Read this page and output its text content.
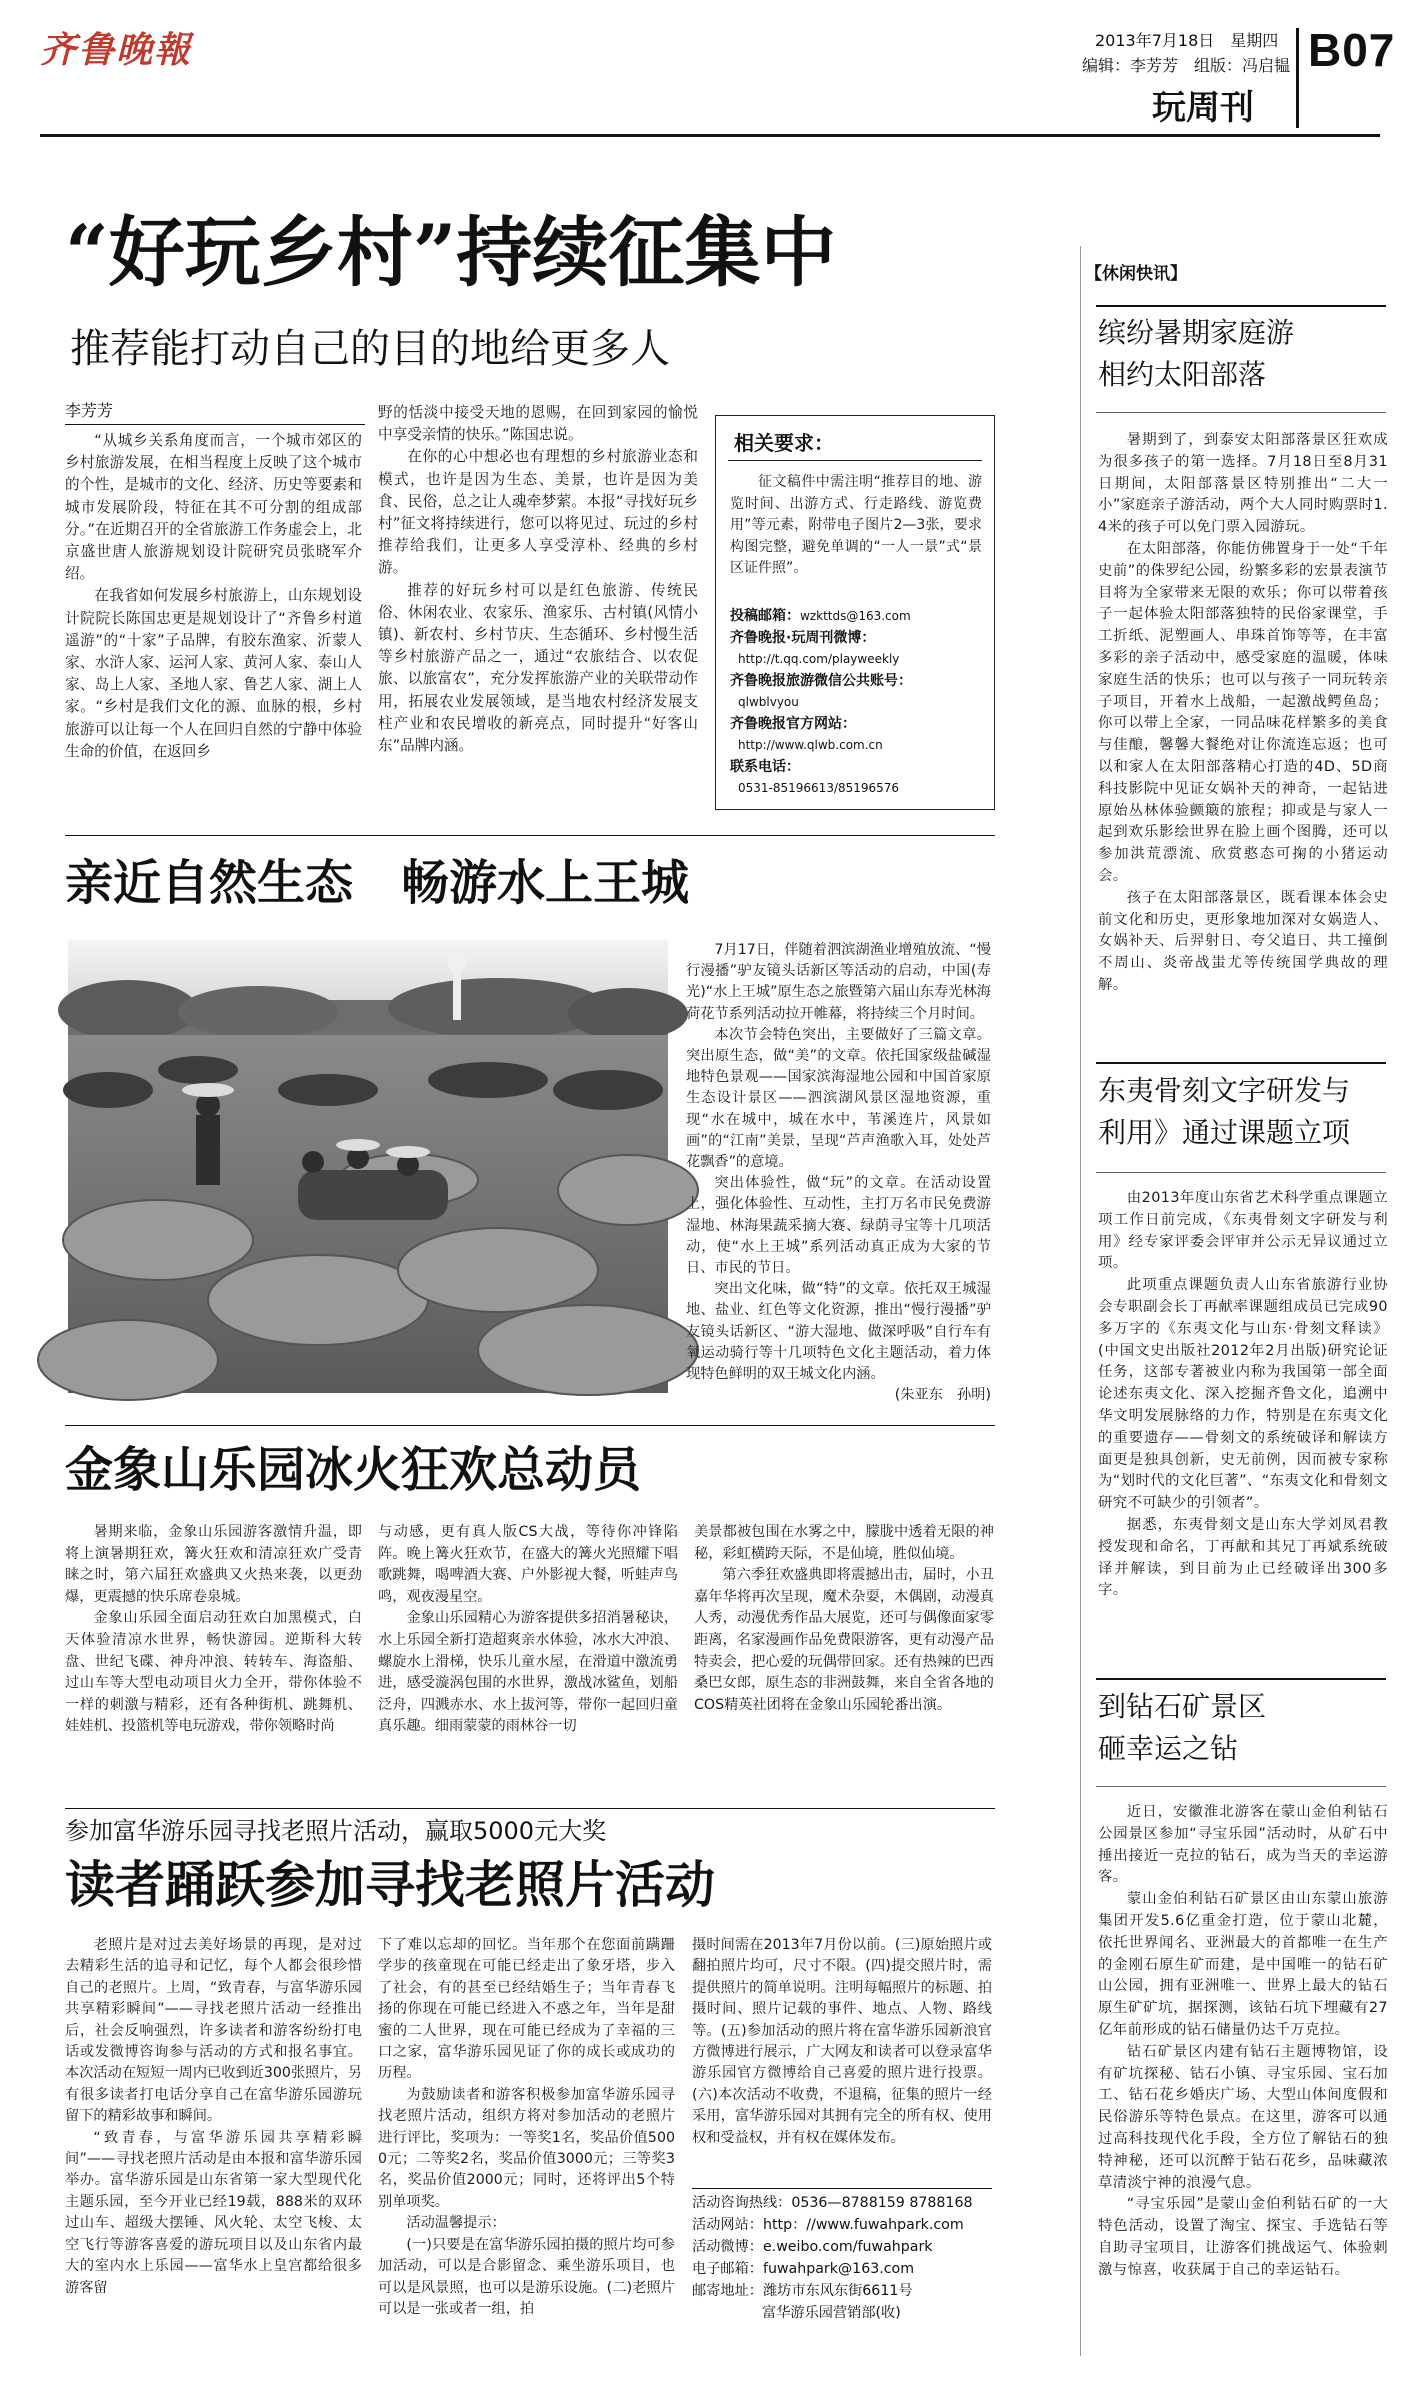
齐鲁晚報	2013年7月18日　星期四
编辑：李芳芳　组版：冯启韫 B07
玩周刊
“好玩乡村”持续征集中
推荐能打动自己的目的地给更多人
李芳芳

“从城乡关系角度而言，一个城市郊区的乡村旅游发展，在相当程度上反映了这个城市的个性，是城市的文化、经济、历史等要素和城市发展阶段，特征在其不可分割的组成部分。”在近期召开的全省旅游工作务虚会上，北京盛世唐人旅游规划设计院研究员张晓军介绍。

在我省如何发展乡村旅游上，山东规划设计院院长陈国忠更是规划设计了“齐鲁乡村道遥游”的“十家”子品牌，有胶东渔家、沂蒙人家、水浒人家、运河人家、黄河人家、泰山人家、岛上人家、圣地人家、鲁艺人家、湖上人家。“乡村是我们文化的源、血脉的根，乡村旅游可以让每一个人在回归自然的宁静中体验生命的价值，在返回乡

野的恬淡中接受天地的恩赐，在回到家园的愉悦中享受亲情的快乐。”陈国忠说。

在你的心中想必也有理想的乡村旅游业态和模式，也许是因为生态、美景，也许是因为美食、民俗，总之让人魂牵梦萦。本报“寻找好玩乡村”征文将持续进行，您可以将见过、玩过的乡村推荐给我们，让更多人享受淳朴、经典的乡村游。

推荐的好玩乡村可以是红色旅游、传统民俗、休闲农业、农家乐、渔家乐、古村镇(风情小镇)、新农村、乡村节庆、生态循环、乡村慢生活等乡村旅游产品之一，通过“农旅结合、以农促旅、以旅富农”，充分发挥旅游产业的关联带动作用，拓展农业发展领域，是当地农村经济发展支柱产业和农民增收的新亮点，同时提升“好客山东”品牌内涵。

相关要求：

征文稿件中需注明“推荐目的地、游览时间、出游方式、行走路线、游览费用”等元素，附带电子图片2—3张，要求构图完整，避免单调的“一人一景”式“景区证件照”。

投稿邮箱：wzkttds@163.com
齐鲁晚报·玩周刊微博：
http://t.qq.com/playweekly
齐鲁晚报旅游微信公共账号：
qlwblvyou
齐鲁晚报官方网站：
http://www.qlwb.com.cn
联系电话：
0531-85196613/85196576
亲近自然生态　畅游水上王城

7月17日，伴随着泗滨湖渔业增殖放流、“慢行漫播”驴友镜头话新区等活动的启动，中国(寿光)“水上王城”原生态之旅暨第六届山东寿光林海荷花节系列活动拉开帷幕，将持续三个月时间。

本次节会特色突出，主要做好了三篇文章。突出原生态，做“美”的文章。依托国家级盐碱湿地特色景观——国家滨海湿地公园和中国首家原生态设计景区——泗滨湖风景区湿地资源，重现“水在城中，城在水中，苇溪连片，风景如画”的“江南”美景，呈现“芦声渔歌入耳，处处芦花飘香”的意境。

突出体验性，做“玩”的文章。在活动设置上，强化体验性、互动性，主打万名市民免费游湿地、林海果蔬采摘大赛、绿荫寻宝等十几项活动，使“水上王城”系列活动真正成为大家的节日、市民的节日。

突出文化味，做“特”的文章。依托双王城湿地、盐业、红色等文化资源，推出“慢行漫播”驴友镜头话新区、“游大湿地、做深呼吸”自行车有氧运动骑行等十几项特色文化主题活动，着力体现特色鲜明的双王城文化内涵。

(朱亚东　孙明)
金象山乐园冰火狂欢总动员

暑期来临，金象山乐园游客激情升温，即将上演暑期狂欢，篝火狂欢和清凉狂欢广受青睐之时，第六届狂欢盛典又火热来袭，以更劲爆，更震撼的快乐席卷泉城。

金象山乐园全面启动狂欢白加黑模式，白天体验清凉水世界，畅快游园。逆斯科大转盘、世纪飞碟、神舟冲浪、转转车、海盗船、过山车等大型电动项目火力全开，带你体验不一样的刺激与精彩，还有各种街机、跳舞机、娃娃机、投篮机等电玩游戏，带你领略时尚

与动感，更有真人版CS大战，等待你冲锋陷阵。晚上篝火狂欢节，在盛大的篝火光照耀下唱歌跳舞，喝啤酒大赛、户外影视大餐，听蛙声鸟鸣，观夜漫星空。

金象山乐园精心为游客提供多招消暑秘诀，水上乐园全新打造超爽亲水体验，冰水大冲浪、螺旋水上滑梯，快乐儿童水屋，在滑道中激流勇进，感受漩涡包围的水世界，激战冰鲨鱼，划船泛舟，四溅赤水、水上拔河等，带你一起回归童真乐趣。细雨蒙蒙的雨林谷一切

美景都被包围在水雾之中，朦胧中透着无限的神秘，彩虹横跨天际，不是仙境，胜似仙境。

第六季狂欢盛典即将震撼出击，届时，小丑嘉年华将再次呈现，魔术杂耍，木偶剧，动漫真人秀，动漫优秀作品大展览，还可与偶像面家零距离，名家漫画作品免费限游客，更有动漫产品特卖会，把心爱的玩偶带回家。还有热辣的巴西桑巴女郎，原生态的非洲鼓舞，来自全省各地的COS精英社团将在金象山乐园轮番出演。

参加富华游乐园寻找老照片活动，赢取5000元大奖
读者踊跃参加寻找老照片活动

老照片是对过去美好场景的再现，是对过去精彩生活的追寻和记忆，每个人都会很珍惜自己的老照片。上周，“致青春，与富华游乐园共享精彩瞬间”——寻找老照片活动一经推出后，社会反响强烈，许多读者和游客纷纷打电话或发微博咨询参与活动的方式和报名事宜。本次活动在短短一周内已收到近300张照片，另有很多读者打电话分享自己在富华游乐园游玩留下的精彩故事和瞬间。

“致青春，与富华游乐园共享精彩瞬间”——寻找老照片活动是由本报和富华游乐园举办。富华游乐园是山东省第一家大型现代化主题乐园，至今开业已经19载，888米的双环过山车、超级大摆锤、风火轮、太空飞梭、太空飞行等游客喜爱的游玩项目以及山东省内最大的室内水上乐园——富华水上皇宫都给很多游客留

下了难以忘却的回忆。当年那个在您面前蹒跚学步的孩童现在可能已经走出了象牙塔，步入了社会，有的甚至已经结婚生子；当年青春飞扬的你现在可能已经进入不惑之年，当年是甜蜜的二人世界，现在可能已经成为了幸福的三口之家，富华游乐园见证了你的成长或成功的历程。

为鼓励读者和游客积极参加富华游乐园寻找老照片活动，组织方将对参加活动的老照片进行评比，奖项为：一等奖1名，奖品价值5000元；二等奖2名，奖品价值3000元；三等奖3名，奖品价值2000元；同时，还将评出5个特别单项奖。

活动温馨提示：

(一)只要是在富华游乐园拍摄的照片均可参加活动，可以是合影留念、乘坐游乐项目，也可以是风景照，也可以是游乐设施。(二)老照片可以是一张或者一组，拍

摄时间需在2013年7月份以前。(三)原始照片或翻拍照片均可，尺寸不限。(四)提交照片时，需提供照片的简单说明。注明每幅照片的标题、拍摄时间、照片记载的事件、地点、人物、路线等。(五)参加活动的照片将在富华游乐园新浪官方微博进行展示，广大网友和读者可以登录富华游乐园官方微博给自己喜爱的照片进行投票。(六)本次活动不收费，不退稿，征集的照片一经采用，富华游乐园对其拥有完全的所有权、使用权和受益权，并有权在媒体发布。

活动咨询热线：0536—8788159 8788168
活动网站：http：//www.fuwahpark.com
活动微博：e.weibo.com/fuwahpark
电子邮箱：fuwahpark@163.com
邮寄地址：潍坊市东风东街6611号
富华游乐园营销部(收)
【休闲快讯】
缤纷暑期家庭游
相约太阳部落

暑期到了，到泰安太阳部落景区狂欢成为很多孩子的第一选择。7月18日至8月31日期间，太阳部落景区特别推出“二大一小”家庭亲子游活动，两个大人同时购票时1.4米的孩子可以免门票入园游玩。

在太阳部落，你能仿佛置身于一处“千年史前”的侏罗纪公园，纷繁多彩的宏景表演节目将为全家带来无限的欢乐；你可以带着孩子一起体验太阳部落独特的民俗家课堂，手工折纸、泥塑画人、串珠首饰等等，在丰富多彩的亲子活动中，感受家庭的温暖，体味家庭生活的快乐；也可以与孩子一同玩转亲子项目，开着水上战船，一起激战鳄鱼岛；你可以带上全家，一同品味花样繁多的美食与佳酿，馨馨大餐绝对让你流连忘返；也可以和家人在太阳部落精心打造的4D、5D商科技影院中见证女娲补天的神奇，一起钻进原始丛林体验颤簸的旅程；抑或是与家人一起到欢乐影绘世界在脸上画个图腾，还可以参加洪荒漂流、欣赏憨态可掬的小猪运动会。

孩子在太阳部落景区，既看课本体会史前文化和历史，更形象地加深对女娲造人、女娲补天、后羿射日、夸父追日、共工撞倒不周山、炎帝战蚩尤等传统国学典故的理解。

东夷骨刻文字研发与
利用》通过课题立项

由2013年度山东省艺术科学重点课题立项工作日前完成，《东夷骨刻文字研发与利用》经专家评委会评审并公示无异议通过立项。

此项重点课题负责人山东省旅游行业协会专职副会长丁再献率课题组成员已完成90多万字的《东夷文化与山东·骨刻文释读》(中国文史出版社2012年2月出版)研究论证任务，这部专著被业内称为我国第一部全面论述东夷文化、深入挖掘齐鲁文化，追溯中华文明发展脉络的力作，特别是在东夷文化的重要遗存——骨刻文的系统破译和解读方面更是独具创新，史无前例，因而被专家称为“划时代的文化巨著”、“东夷文化和骨刻文研究不可缺少的引领者”。

据悉，东夷骨刻文是山东大学刘凤君教授发现和命名，丁再献和其兄丁再斌系统破译并解读，到目前为止已经破译出300多字。

到钻石矿景区
砸幸运之钻

近日，安徽淮北游客在蒙山金伯利钻石公园景区参加“寻宝乐园”活动时，从矿石中捶出接近一克拉的钻石，成为当天的幸运游客。

蒙山金伯利钻石矿景区由山东蒙山旅游集团开发5.6亿重金打造，位于蒙山北麓，依托世界闻名、亚洲最大的首都唯一在生产的金刚石原生矿而建，是中国唯一的钻石矿山公园，拥有亚洲唯一、世界上最大的钻石原生矿矿坑，据探测，该钻石坑下埋藏有27亿年前形成的钻石储量仍达千万克拉。

钻石矿景区内建有钻石主题博物馆，设有矿坑探秘、钻石小镇、寻宝乐园、宝石加工、钻石花乡婚庆广场、大型山体间度假和民俗游乐等特色景点。在这里，游客可以通过高科技现代化手段，全方位了解钻石的独特神秘，还可以沉醉于钻石花乡，品味藏浓草清淡宁神的浪漫气息。

“寻宝乐园”是蒙山金伯利钻石矿的一大特色活动，设置了淘宝、探宝、手选钻石等自助寻宝项目，让游客们挑战运气、体验刺激与惊喜，收获属于自己的幸运钻石。
